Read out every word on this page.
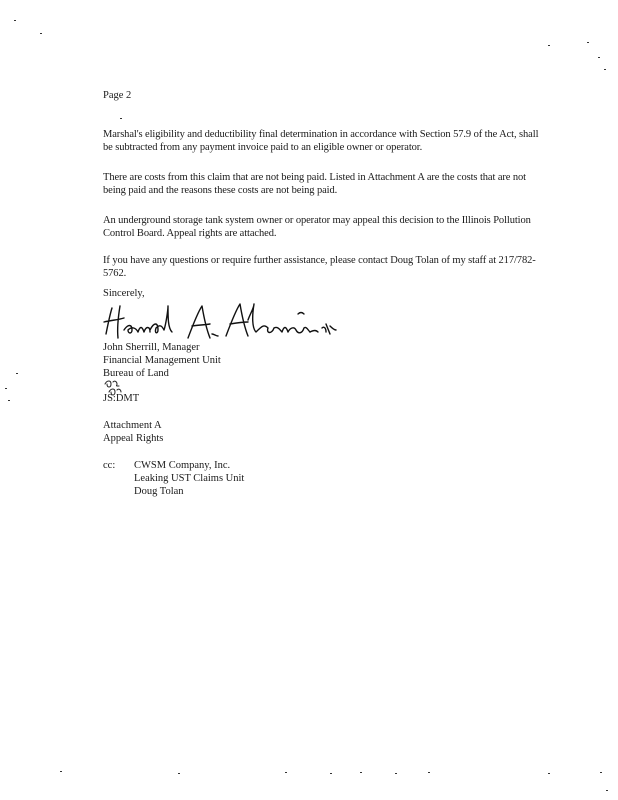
Page 2
Marshal's eligibility and deductibility final determination in accordance with Section 57.9 of the Act, shall be subtracted from any payment invoice paid to an eligible owner or operator.
There are costs from this claim that are not being paid. Listed in Attachment A are the costs that are not being paid and the reasons these costs are not being paid.
An underground storage tank system owner or operator may appeal this decision to the Illinois Pollution Control Board. Appeal rights are attached.
If you have any questions or require further assistance, please contact Doug Tolan of my staff at 217/782-5762.
Sincerely,
John Sherrill, Manager
Financial Management Unit
Bureau of Land
JS:DMT
Attachment A
Appeal Rights
cc: CWSM Company, Inc.
Leaking UST Claims Unit
Doug Tolan
